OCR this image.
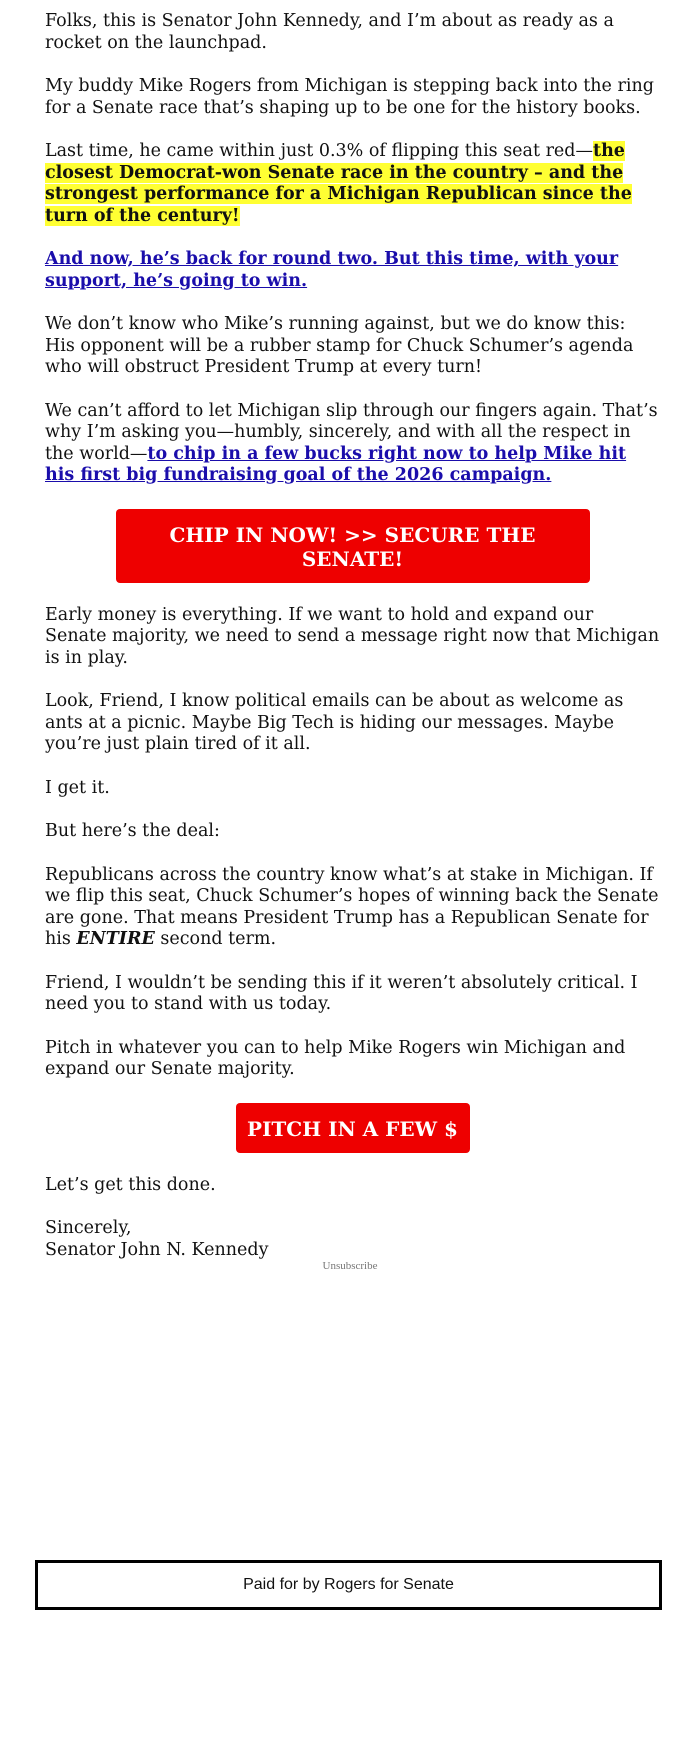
Folks, this is Senator John Kennedy, and I’m about as ready as a rocket on the launchpad.

My buddy Mike Rogers from Michigan is stepping back into the ring for a Senate race that’s shaping up to be one for the history books.

Last time, he came within just 0.3% of flipping this seat red—the closest Democrat-won Senate race in the country – and the strongest performance for a Michigan Republican since the turn of the century!

And now, he’s back for round two. But this time, with your support, he’s going to win.

We don’t know who Mike’s running against, but we do know this: His opponent will be a rubber stamp for Chuck Schumer’s agenda who will obstruct President Trump at every turn!

We can’t afford to let Michigan slip through our fingers again. That’s why I’m asking you—humbly, sincerely, and with all the respect in the world—to chip in a few bucks right now to help Mike hit his first big fundraising goal of the 2026 campaign.

CHIP IN NOW! >> SECURE THE SENATE!

Early money is everything. If we want to hold and expand our Senate majority, we need to send a message right now that Michigan is in play.

Look, Friend, I know political emails can be about as welcome as ants at a picnic. Maybe Big Tech is hiding our messages. Maybe you’re just plain tired of it all.

I get it.

But here’s the deal:

Republicans across the country know what’s at stake in Michigan. If we flip this seat, Chuck Schumer’s hopes of winning back the Senate are gone. That means President Trump has a Republican Senate for his ENTIRE second term.

Friend, I wouldn’t be sending this if it weren’t absolutely critical. I need you to stand with us today.

Pitch in whatever you can to help Mike Rogers win Michigan and expand our Senate majority.

PITCH IN A FEW $

Let’s get this done.

Sincerely,

Senator John N. Kennedy

Unsubscribe
Paid for by Rogers for Senate
